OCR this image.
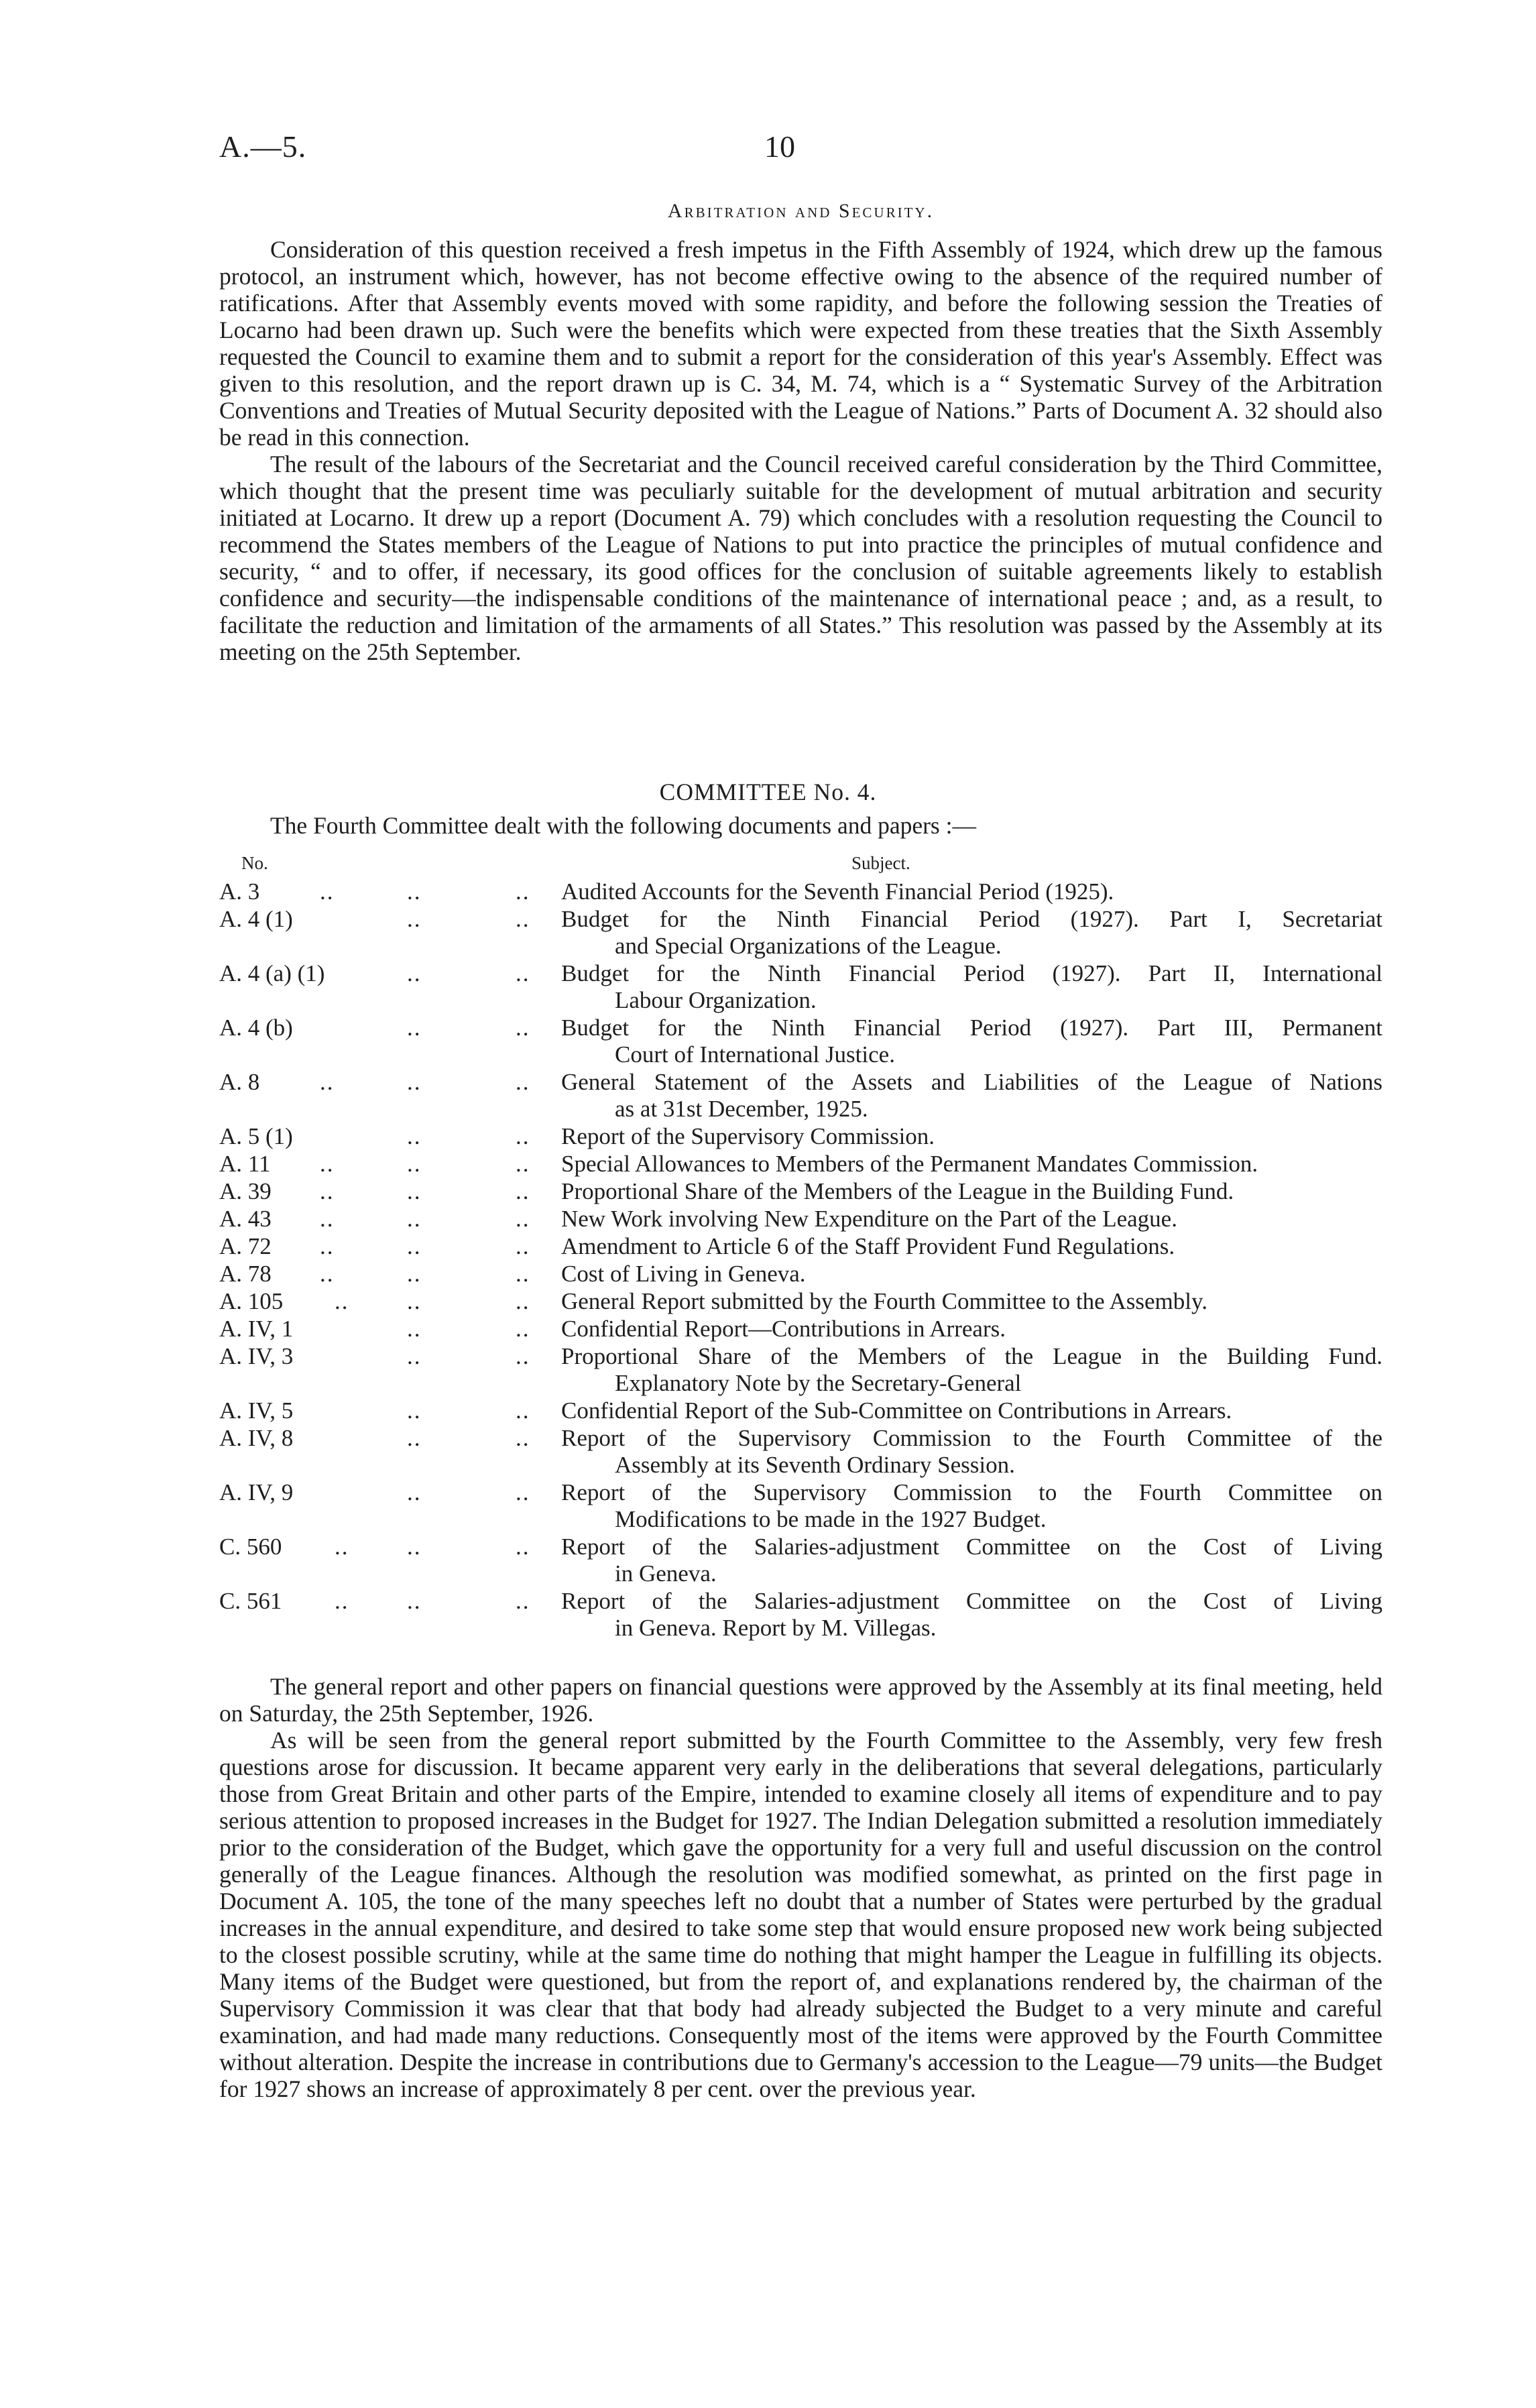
A.—5.	10
Arbitration and Security.

Consideration of this question received a fresh impetus in the Fifth Assembly of 1924, which drew up the famous protocol, an instrument which, however, has not become effective owing to the absence of the required number of ratifications. After that Assembly events moved with some rapidity, and before the following session the Treaties of Locarno had been drawn up. Such were the benefits which were expected from these treaties that the Sixth Assembly requested the Council to examine them and to submit a report for the consideration of this year's Assembly. Effect was given to this resolution, and the report drawn up is C. 34, M. 74, which is a “ Systematic Survey of the Arbitration Conventions and Treaties of Mutual Security deposited with the League of Nations.” Parts of Document A. 32 should also be read in this connection.

The result of the labours of the Secretariat and the Council received careful consideration by the Third Committee, which thought that the present time was peculiarly suitable for the development of mutual arbitration and security initiated at Locarno. It drew up a report (Document A. 79) which concludes with a resolution requesting the Council to recommend the States members of the League of Nations to put into practice the principles of mutual confidence and security, “ and to offer, if necessary, its good offices for the conclusion of suitable agreements likely to establish confidence and security—the indispensable conditions of the maintenance of international peace ; and, as a result, to facilitate the reduction and limitation of the armaments of all States.” This resolution was passed by the Assembly at its meeting on the 25th September.

COMMITTEE No. 4.
The Fourth Committee dealt with the following documents and papers :—
No.	Subject.
A. 3	..	..	.. Audited Accounts for the Seventh Financial Period (1925).
A. 4 (1)	..	.. Budget for the Ninth Financial Period (1927). Part I, Secretariat
and Special Organizations of the League.
A. 4 (a) (1)	..	.. Budget for the Ninth Financial Period (1927). Part II, International
Labour Organization.
A. 4 (b)	..	.. Budget for the Ninth Financial Period (1927). Part III, Permanent
Court of International Justice.
A. 8	..	..	.. General Statement of the Assets and Liabilities of the League of Nations
as at 31st December, 1925.
A. 5 (1)	..	.. Report of the Supervisory Commission.
A. 11 ..	..	.. Special Allowances to Members of the Permanent Mandates Commission.
A. 39 ..	..	.. Proportional Share of the Members of the League in the Building Fund.
A. 43 ..	..	.. New Work involving New Expenditure on the Part of the League.
A. 72 ..	..	.. Amendment to Article 6 of the Staff Provident Fund Regulations.
A. 78 ..	..	.. Cost of Living in Geneva.
A. 105 .. ..	.. General Report submitted by the Fourth Committee to the Assembly.
A. IV, 1	..	.. Confidential Report—Contributions in Arrears.
A. IV, 3	..	.. Proportional Share of the Members of the League in the Building Fund.
Explanatory Note by the Secretary-General
A. IV, 5	..	.. Confidential Report of the Sub-Committee on Contributions in Arrears.
A. IV, 8	..	.. Report of the Supervisory Commission to the Fourth Committee of the
Assembly at its Seventh Ordinary Session.
A. IV, 9	..	.. Report of the Supervisory Commission to the Fourth Committee on
Modifications to be made in the 1927 Budget.
C. 560 .. ..	.. Report of the Salaries-adjustment Committee on the Cost of Living
in Geneva.
C. 561 .. ..	.. Report of the Salaries-adjustment Committee on the Cost of Living
in Geneva. Report by M. Villegas.

The general report and other papers on financial questions were approved by the Assembly at its final meeting, held on Saturday, the 25th September, 1926.

As will be seen from the general report submitted by the Fourth Committee to the Assembly, very few fresh questions arose for discussion. It became apparent very early in the deliberations that several delegations, particularly those from Great Britain and other parts of the Empire, intended to examine closely all items of expenditure and to pay serious attention to proposed increases in the Budget for 1927. The Indian Delegation submitted a resolution immediately prior to the consideration of the Budget, which gave the opportunity for a very full and useful discussion on the control generally of the League finances. Although the resolution was modified somewhat, as printed on the first page in Document A. 105, the tone of the many speeches left no doubt that a number of States were perturbed by the gradual increases in the annual expenditure, and desired to take some step that would ensure proposed new work being subjected to the closest possible scrutiny, while at the same time do nothing that might hamper the League in fulfilling its objects. Many items of the Budget were questioned, but from the report of, and explanations rendered by, the chairman of the Supervisory Commission it was clear that that body had already subjected the Budget to a very minute and careful examination, and had made many reductions. Consequently most of the items were approved by the Fourth Committee without alteration. Despite the increase in contributions due to Germany's accession to the League—79 units—the Budget for 1927 shows an increase of approximately 8 per cent. over the previous year.
